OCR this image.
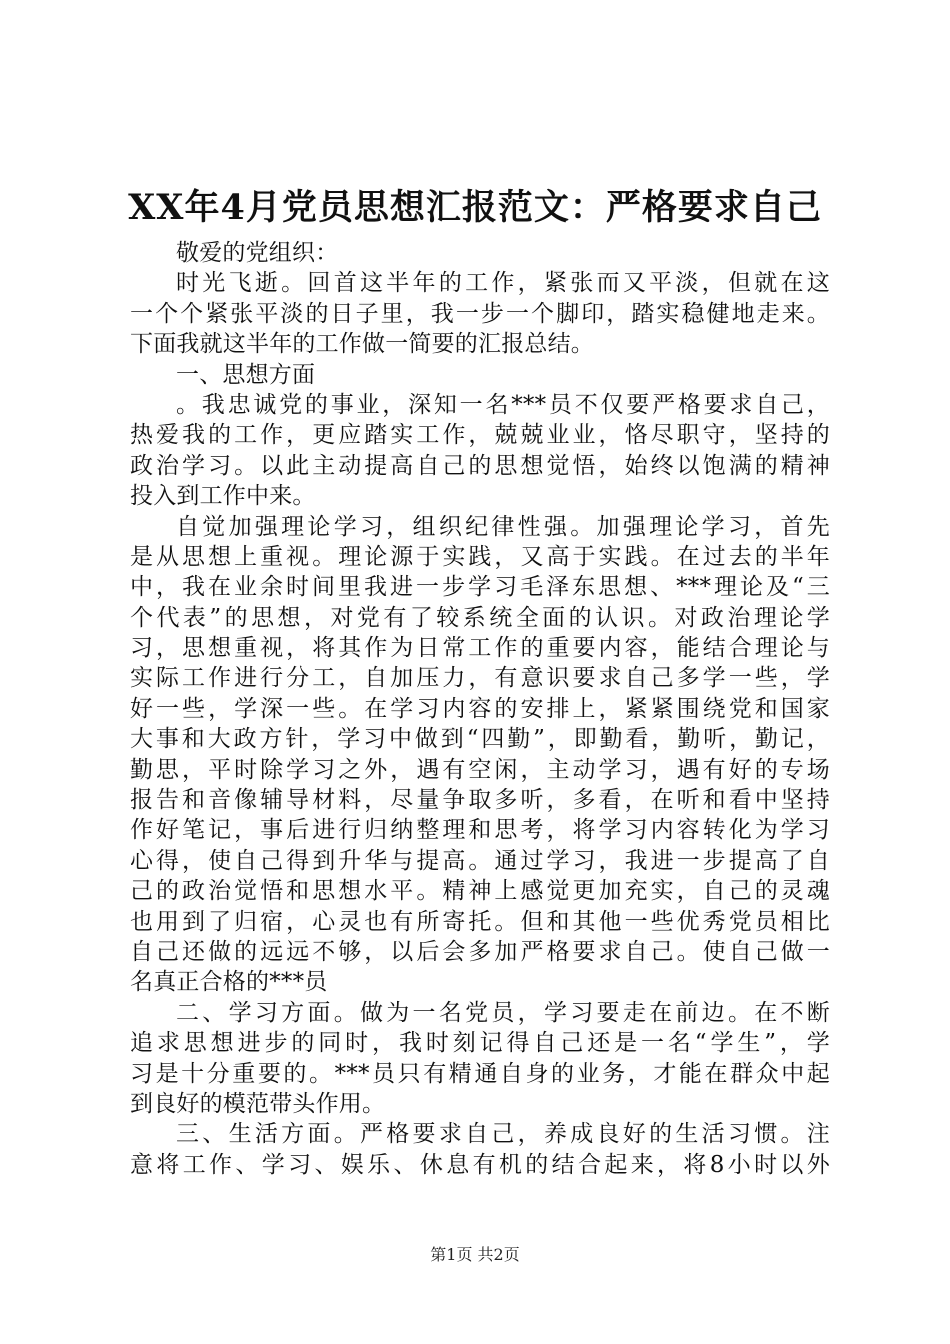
XX年4月党员思想汇报范文：严格要求自己
敬爱的党组织：
时光飞逝。回首这半年的工作，紧张而又平淡，但就在这
一个个紧张平淡的日子里，我一步一个脚印，踏实稳健地走来。
下面我就这半年的工作做一简要的汇报总结。
一、思想方面
。我忠诚党的事业，深知一名***员不仅要严格要求自己，
热爱我的工作，更应踏实工作，兢兢业业，恪尽职守，坚持的
政治学习。以此主动提高自己的思想觉悟，始终以饱满的精神
投入到工作中来。
自觉加强理论学习，组织纪律性强。加强理论学习，首先
是从思想上重视。理论源于实践，又高于实践。在过去的半年
中，我在业余时间里我进一步学习毛泽东思想、***理论及“三
个代表”的思想，对党有了较系统全面的认识。对政治理论学
习，思想重视，将其作为日常工作的重要内容，能结合理论与
实际工作进行分工，自加压力，有意识要求自己多学一些，学
好一些，学深一些。在学习内容的安排上，紧紧围绕党和国家
大事和大政方针，学习中做到“四勤”，即勤看，勤听，勤记，
勤思，平时除学习之外，遇有空闲，主动学习，遇有好的专场
报告和音像辅导材料，尽量争取多听，多看，在听和看中坚持
作好笔记，事后进行归纳整理和思考，将学习内容转化为学习
心得，使自己得到升华与提高。通过学习，我进一步提高了自
己的政治觉悟和思想水平。精神上感觉更加充实，自己的灵魂
也用到了归宿，心灵也有所寄托。但和其他一些优秀党员相比
自己还做的远远不够，以后会多加严格要求自己。使自己做一
名真正合格的***员
二、学习方面。做为一名党员，学习要走在前边。在不断
追求思想进步的同时，我时刻记得自己还是一名“学生”，学
习是十分重要的。***员只有精通自身的业务，才能在群众中起
到良好的模范带头作用。
三、生活方面。严格要求自己，养成良好的生活习惯。注
意将工作、学习、娱乐、休息有机的结合起来，将8小时以外
第1页 共2页
